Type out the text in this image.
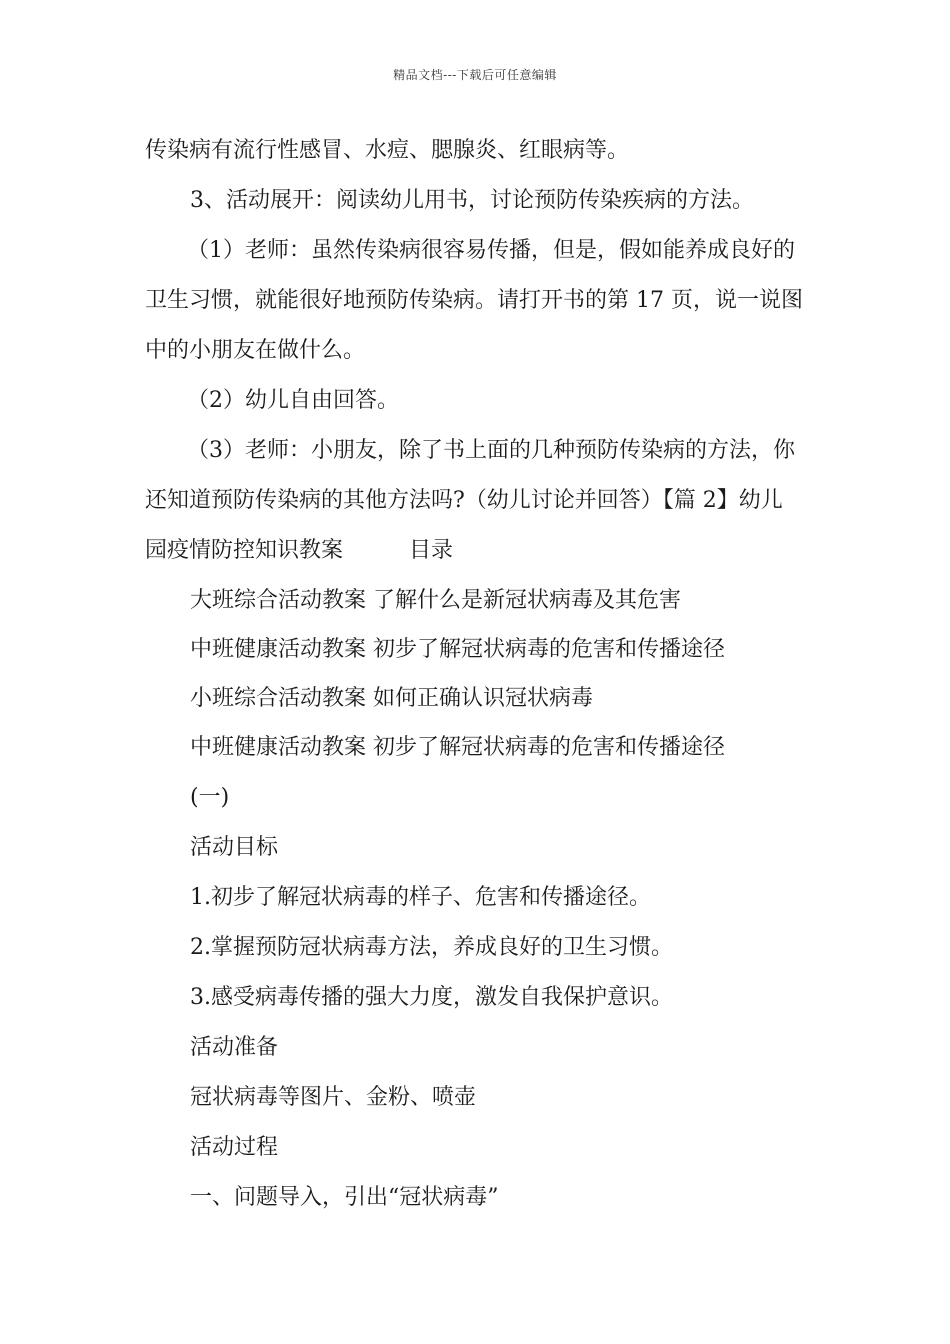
精品文档---下载后可任意编辑
传染病有流行性感冒、水痘、腮腺炎、红眼病等。
3、活动展开：阅读幼儿用书，讨论预防传染疾病的方法。
（1）老师：虽然传染病很容易传播，但是，假如能养成良好的
卫生习惯，就能很好地预防传染病。请打开书的第 17 页，说一说图
中的小朋友在做什么。
（2）幼儿自由回答。
（3）老师：小朋友，除了书上面的几种预防传染病的方法，你
还知道预防传染病的其他方法吗?（幼儿讨论并回答）【篇 2】幼儿
园疫情防控知识教案　　　目录
大班综合活动教案 了解什么是新冠状病毒及其危害
中班健康活动教案 初步了解冠状病毒的危害和传播途径
小班综合活动教案 如何正确认识冠状病毒
中班健康活动教案 初步了解冠状病毒的危害和传播途径
(一)
活动目标
1.初步了解冠状病毒的样子、危害和传播途径。
2.掌握预防冠状病毒方法，养成良好的卫生习惯。
3.感受病毒传播的强大力度，激发自我保护意识。
活动准备
冠状病毒等图片、金粉、喷壶
活动过程
一、问题导入，引出“冠状病毒”
